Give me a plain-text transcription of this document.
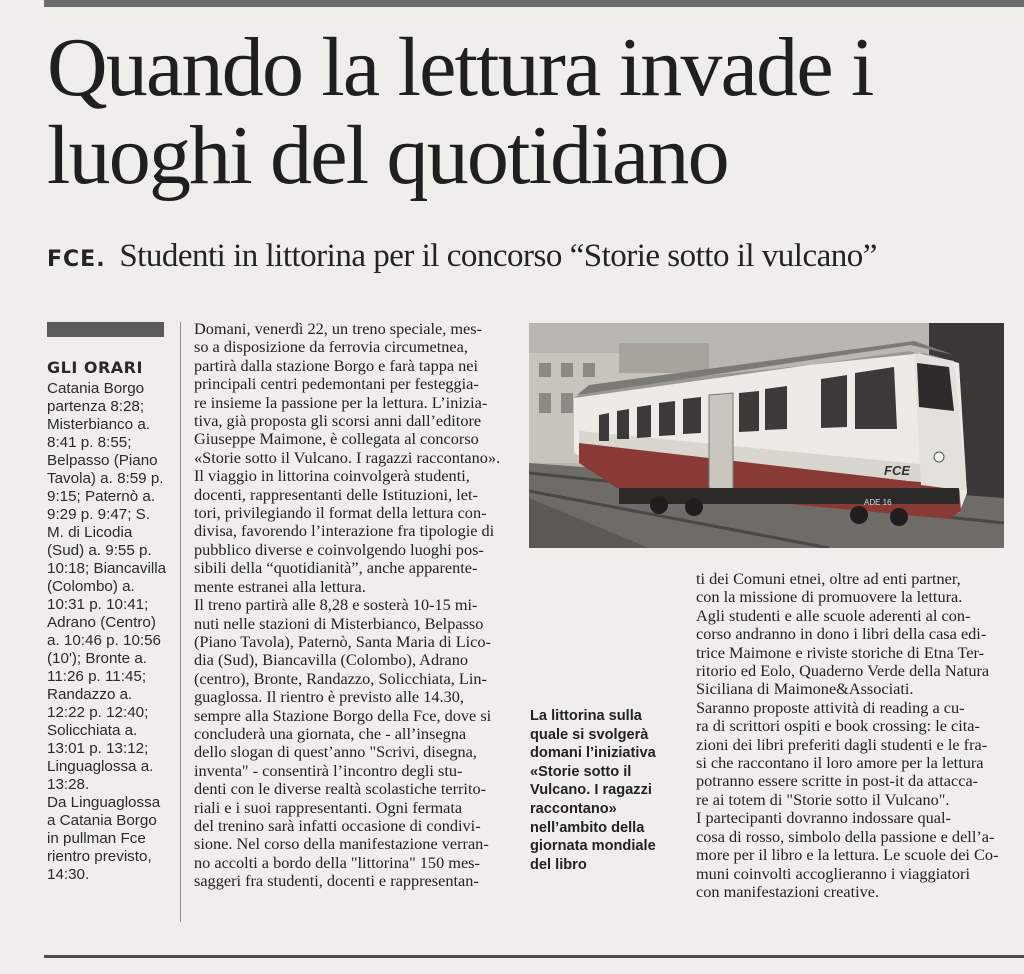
Quando la lettura invade i luoghi del quotidiano
FCE. Studenti in littorina per il concorso “Storie sotto il vulcano”
GLI ORARI
Catania Borgo
partenza 8:28;
Misterbianco a.
8:41 p. 8:55;
Belpasso (Piano
Tavola) a. 8:59 p.
9:15; Paternò a.
9:29 p. 9:47; S.
M. di Licodia
(Sud) a. 9:55 p.
10:18; Biancavilla
(Colombo) a.
10:31 p. 10:41;
Adrano (Centro)
a. 10:46 p. 10:56
(10'); Bronte a.
11:26 p. 11:45;
Randazzo a.
12:22 p. 12:40;
Solicchiata a.
13:01 p. 13:12;
Linguaglossa a.
13:28.
Da Linguaglossa
a Catania Borgo
in pullman Fce
rientro previsto,
14:30.
Domani, venerdì 22, un treno speciale, mes-
so a disposizione da ferrovia circumetnea,
partirà dalla stazione Borgo e farà tappa nei
principali centri pedemontani per festeggia-
re insieme la passione per la lettura. L’inizia-
tiva, già proposta gli scorsi anni dall’editore
Giuseppe Maimone, è collegata al concorso
«Storie sotto il Vulcano. I ragazzi raccontano».
Il viaggio in littorina coinvolgerà studenti,
docenti, rappresentanti delle Istituzioni, let-
tori, privilegiando il format della lettura con-
divisa, favorendo l’interazione fra tipologie di
pubblico diverse e coinvolgendo luoghi pos-
sibili della “quotidianità”, anche apparente-
mente estranei alla lettura.
Il treno partirà alle 8,28 e sosterà 10-15 mi-
nuti nelle stazioni di Misterbianco, Belpasso
(Piano Tavola), Paternò, Santa Maria di Lico-
dia (Sud), Biancavilla (Colombo), Adrano
(centro), Bronte, Randazzo, Solicchiata, Lin-
guaglossa. Il rientro è previsto alle 14.30,
sempre alla Stazione Borgo della Fce, dove si
concluderà una giornata, che - all’insegna
dello slogan di quest’anno "Scrivi, disegna,
inventa" - consentirà l’incontro degli stu-
denti con le diverse realtà scolastiche territo-
riali e i suoi rappresentanti. Ogni fermata
del trenino sarà infatti occasione di condivi-
sione. Nel corso della manifestazione verran-
no accolti a bordo della "littorina" 150 mes-
saggeri fra studenti, docenti e rappresentan-
FCE
ADE 16
La littorina sulla
quale si svolgerà
domani l’iniziativa
«Storie sotto il
Vulcano. I ragazzi
raccontano»
nell’ambito della
giornata mondiale
del libro
ti dei Comuni etnei, oltre ad enti partner,
con la missione di promuovere la lettura.
Agli studenti e alle scuole aderenti al con-
corso andranno in dono i libri della casa edi-
trice Maimone e riviste storiche di Etna Ter-
ritorio ed Eolo, Quaderno Verde della Natura
Siciliana di Maimone&Associati.
Saranno proposte attività di reading a cu-
ra di scrittori ospiti e book crossing: le cita-
zioni dei libri preferiti dagli studenti e le fra-
si che raccontano il loro amore per la lettura
potranno essere scritte in post-it da attacca-
re ai totem di "Storie sotto il Vulcano".
I partecipanti dovranno indossare qual-
cosa di rosso, simbolo della passione e dell’a-
more per il libro e la lettura. Le scuole dei Co-
muni coinvolti accoglieranno i viaggiatori
con manifestazioni creative.
